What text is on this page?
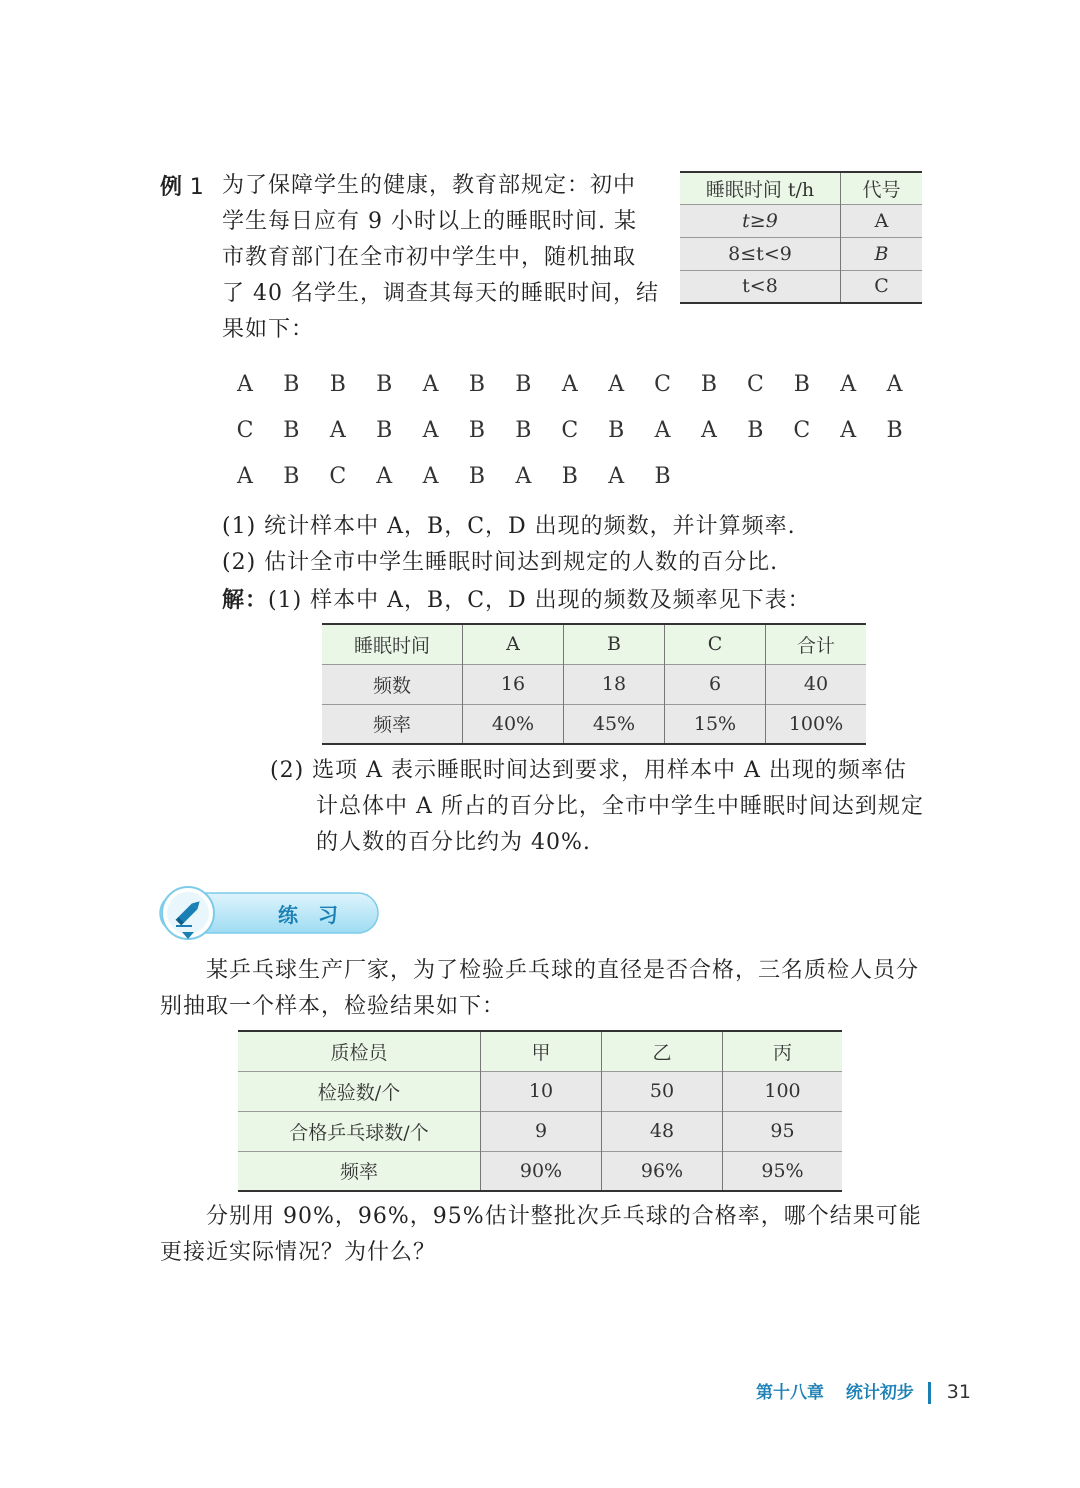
例 1 为了保障学生的健康，教育部规定：初中
学生每日应有 9 小时以上的睡眠时间. 某
市教育部门在全市初中学生中，随机抽取
了 40 名学生，调查其每天的睡眠时间，结
果如下：
睡眠时间 t/h	代号
t≥9	A
8≤t<9	B
t<8	C
A	B	B	B	A	B	B	A	A	C	B	C	B	A	A
C	B	A	B	A	B	B	C	B	A	A	B	C	A	B
A	B	C	A	A	B	A	B	A	B
(1) 统计样本中 A，B，C，D 出现的频数，并计算频率.
(2) 估计全市中学生睡眠时间达到规定的人数的百分比.
解：(1) 样本中 A，B，C，D 出现的频数及频率见下表：
睡眠时间	A	B	C	合计
频数	16	18	6	40
频率	40%	45%	15%	100%
(2) 选项 A 表示睡眠时间达到要求，用样本中 A 出现的频率估
计总体中 A 所占的百分比，全市中学生中睡眠时间达到规定
的人数的百分比约为 40%.
练　习
某乒乓球生产厂家，为了检验乒乓球的直径是否合格，三名质检人员分
别抽取一个样本，检验结果如下：
质检员	甲	乙	丙
检验数/个	10	50	100
合格乒乓球数/个	9	48	95
频率	90%	96%	95%
分别用 90%，96%，95%估计整批次乒乓球的合格率，哪个结果可能
更接近实际情况？为什么？
第十八章 统计初步 31
